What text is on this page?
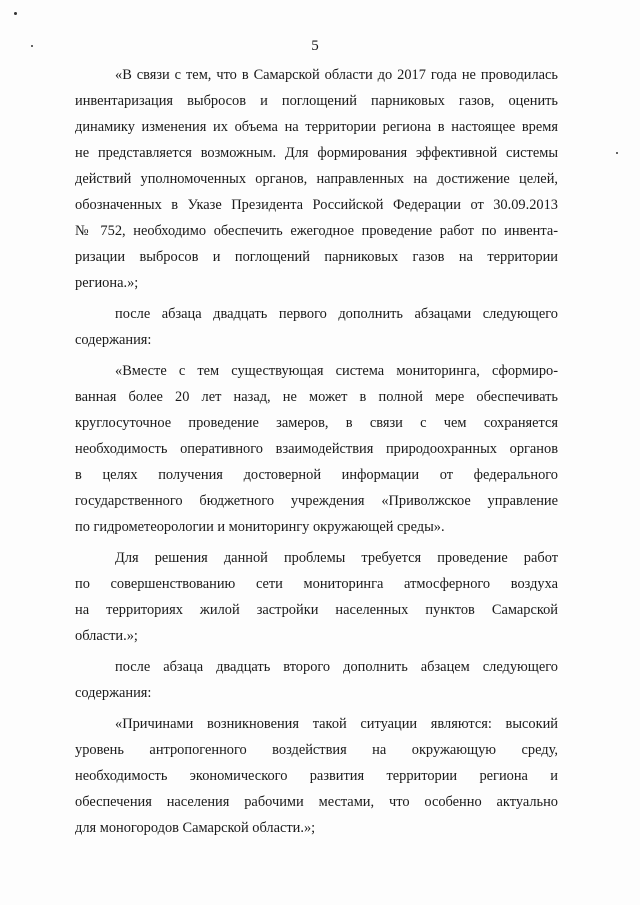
5
«В связи с тем, что в Самарской области до 2017 года не проводилась
инвентаризация выбросов и поглощений парниковых газов, оценить
динамику изменения их объема на территории региона в настоящее время
не представляется возможным. Для формирования эффективной системы
действий уполномоченных органов, направленных на достижение целей,
обозначенных в Указе Президента Российской Федерации от 30.09.2013
№ 752, необходимо обеспечить ежегодное проведение работ по инвента-
ризации выбросов и поглощений парниковых газов на территории
региона.»;
после абзаца двадцать первого дополнить абзацами следующего
содержания:
«Вместе с тем существующая система мониторинга, сформиро-
ванная более 20 лет назад, не может в полной мере обеспечивать
круглосуточное проведение замеров, в связи с чем сохраняется
необходимость оперативного взаимодействия природоохранных органов
в целях получения достоверной информации от федерального
государственного бюджетного учреждения «Приволжское управление
по гидрометеорологии и мониторингу окружающей среды».
Для решения данной проблемы требуется проведение работ
по совершенствованию сети мониторинга атмосферного воздуха
на территориях жилой застройки населенных пунктов Самарской
области.»;
после абзаца двадцать второго дополнить абзацем следующего
содержания:
«Причинами возникновения такой ситуации являются: высокий
уровень антропогенного воздействия на окружающую среду,
необходимость экономического развития территории региона и
обеспечения населения рабочими местами, что особенно актуально
для моногородов Самарской области.»;
